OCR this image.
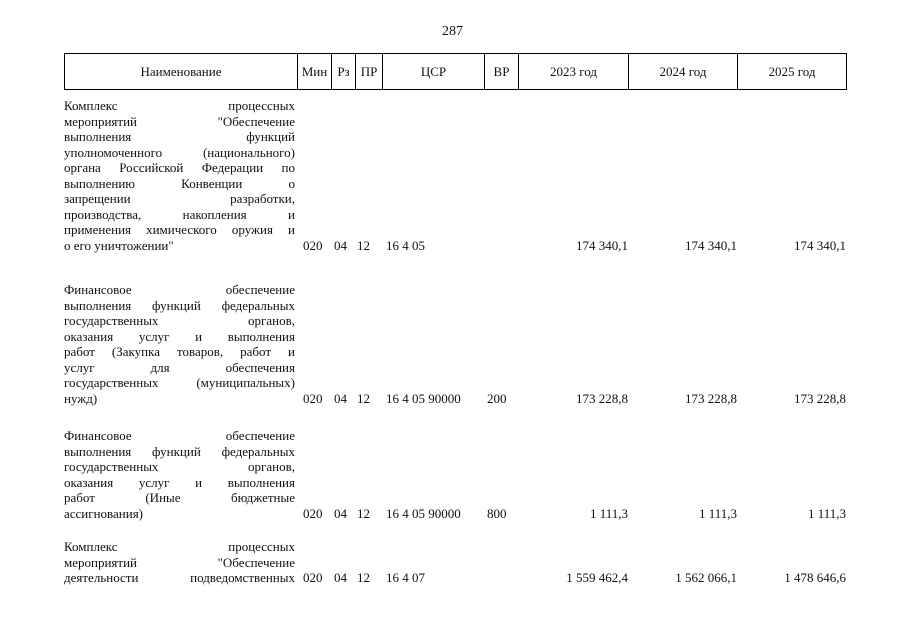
287
Наименование	Мин Рз ПР	ЦСР	ВР	2023 год	2024 год	2025 год
Комплекс процессных
мероприятий "Обеспечение
выполнения функций
уполномоченного (национального)
органа Российской Федерации по
выполнению Конвенции о
запрещении разработки,
производства, накопления и
применения химического оружия и
о его уничтожении"	020 04 12 16 4 05	174 340,1	174 340,1	174 340,1
Финансовое обеспечение
выполнения функций федеральных
государственных органов,
оказания услуг и выполнения
работ (Закупка товаров, работ и
услуг для обеспечения
государственных (муниципальных)
нужд)	020 04 12 16 4 05 90000 200	173 228,8	173 228,8	173 228,8
Финансовое обеспечение
выполнения функций федеральных
государственных органов,
оказания услуг и выполнения
работ (Иные бюджетные
ассигнования)	020 04 12 16 4 05 90000 800	1 111,3	1 111,3	1 111,3
Комплекс процессных
мероприятий "Обеспечение
деятельности подведомственных 020 04 12 16 4 07	1 559 462,4	1 562 066,1	1 478 646,6
